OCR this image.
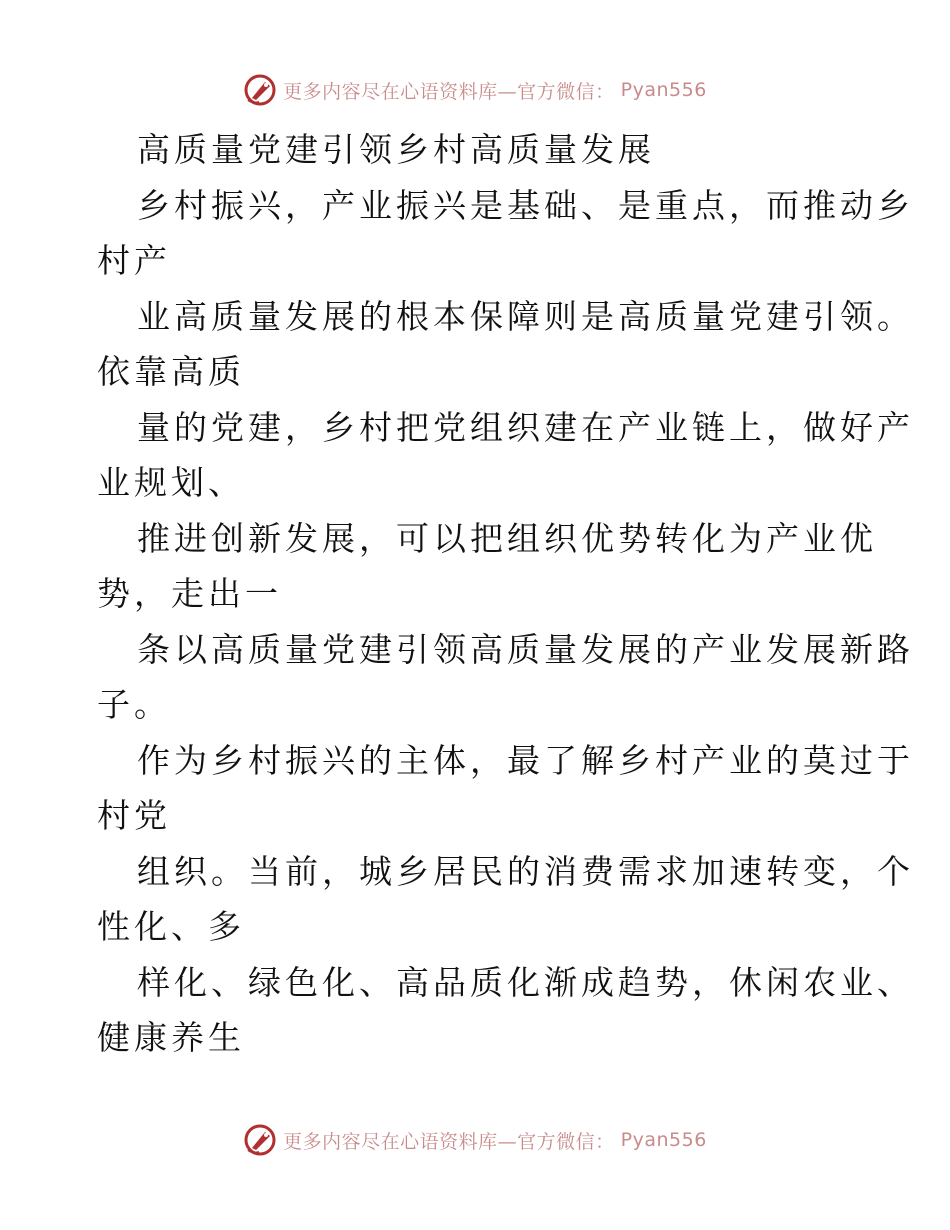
更多内容尽在心语资料库—官方微信： Pyan556
高质量党建引领乡村高质量发展
乡村振兴，产业振兴是基础、是重点，而推动乡
村产
业高质量发展的根本保障则是高质量党建引领。
依靠高质
量的党建，乡村把党组织建在产业链上，做好产
业规划、
推进创新发展，可以把组织优势转化为产业优
势，走出一
条以高质量党建引领高质量发展的产业发展新路
子。
作为乡村振兴的主体，最了解乡村产业的莫过于
村党
组织。当前，城乡居民的消费需求加速转变，个
性化、多
样化、绿色化、高品质化渐成趋势，休闲农业、
健康养生
更多内容尽在心语资料库—官方微信： Pyan556
